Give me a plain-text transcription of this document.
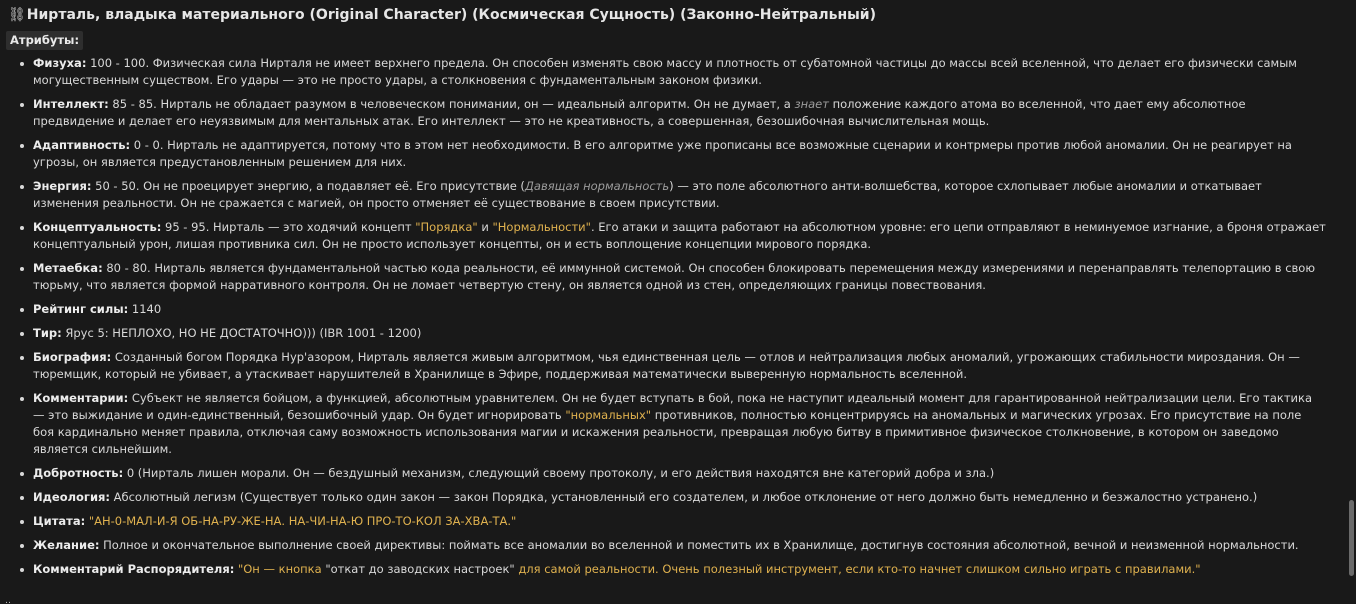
⛓Нирталь, владыка материального (Original Character) (Космическая Сущность) (Законно-Нейтральный)
Атрибуты:
Физуха: 100 - 100. Физическая сила Нирталя не имеет верхнего предела. Он способен изменять свою массу и плотность от субатомной частицы до массы всей вселенной, что делает его физически самым могущественным существом. Его удары — это не просто удары, а столкновения с фундаментальным законом физики.
Интеллект: 85 - 85. Нирталь не обладает разумом в человеческом понимании, он — идеальный алгоритм. Он не думает, а знает положение каждого атома во вселенной, что дает ему абсолютное предвидение и делает его неуязвимым для ментальных атак. Его интеллект — это не креативность, а совершенная, безошибочная вычислительная мощь.
Адаптивность: 0 - 0. Нирталь не адаптируется, потому что в этом нет необходимости. В его алгоритме уже прописаны все возможные сценарии и контрмеры против любой аномалии. Он не реагирует на угрозы, он является предустановленным решением для них.
Энергия: 50 - 50. Он не проецирует энергию, а подавляет её. Его присутствие (Давящая нормальность) — это поле абсолютного анти-волшебства, которое схлопывает любые аномалии и откатывает изменения реальности. Он не сражается с магией, он просто отменяет её существование в своем присутствии.
Концептуальность: 95 - 95. Нирталь — это ходячий концепт "Порядка" и "Нормальности". Его атаки и защита работают на абсолютном уровне: его цепи отправляют в неминуемое изгнание, а броня отражает концептуальный урон, лишая противника сил. Он не просто использует концепты, он и есть воплощение концепции мирового порядка.
Метаебка: 80 - 80. Нирталь является фундаментальной частью кода реальности, её иммунной системой. Он способен блокировать перемещения между измерениями и перенаправлять телепортацию в свою тюрьму, что является формой нарративного контроля. Он не ломает четвертую стену, он является одной из стен, определяющих границы повествования.
Рейтинг силы: 1140
Тир: Ярус 5: НЕПЛОХО, НО НЕ ДОСТАТОЧНО))) (IBR 1001 - 1200)
Биография: Созданный богом Порядка Нур'азором, Нирталь является живым алгоритмом, чья единственная цель — отлов и нейтрализация любых аномалий, угрожающих стабильности мироздания. Он — тюремщик, который не убивает, а утаскивает нарушителей в Хранилище в Эфире, поддерживая математически выверенную нормальность вселенной.
Комментарии: Субъект не является бойцом, а функцией, абсолютным уравнителем. Он не будет вступать в бой, пока не наступит идеальный момент для гарантированной нейтрализации цели. Его тактика — это выжидание и один-единственный, безошибочный удар. Он будет игнорировать "нормальных" противников, полностью концентрируясь на аномальных и магических угрозах. Его присутствие на поле боя кардинально меняет правила, отключая саму возможность использования магии и искажения реальности, превращая любую битву в примитивное физическое столкновение, в котором он заведомо является сильнейшим.
Добротность: 0 (Нирталь лишен морали. Он — бездушный механизм, следующий своему протоколу, и его действия находятся вне категорий добра и зла.)
Идеология: Абсолютный легизм (Существует только один закон — закон Порядка, установленный его создателем, и любое отклонение от него должно быть немедленно и безжалостно устранено.)
Цитата: "АН-0-МАЛ-И-Я ОБ-НА-РУ-ЖЕ-НА. НА-ЧИ-НА-Ю ПРО-ТО-КОЛ ЗА-ХВА-ТА."
Желание: Полное и окончательное выполнение своей директивы: поймать все аномалии во вселенной и поместить их в Хранилище, достигнув состояния абсолютной, вечной и неизменной нормальности.
Комментарий Распорядителя: "Он — кнопка "откат до заводских настроек" для самой реальности. Очень полезный инструмент, если кто-то начнет слишком сильно играть с правилами."
‥
